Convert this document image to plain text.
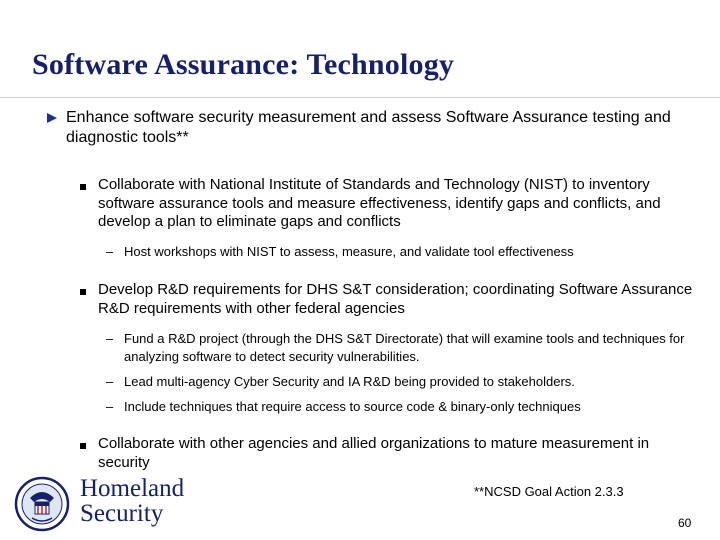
Software Assurance: Technology
Enhance software security measurement and assess Software Assurance testing and diagnostic tools**
Collaborate with National Institute of Standards and Technology (NIST) to inventory software assurance tools and measure effectiveness, identify gaps and conflicts, and develop a plan to eliminate gaps and conflicts
– Host workshops with NIST to assess, measure, and validate tool effectiveness
Develop R&D requirements for DHS S&T consideration; coordinating Software Assurance R&D requirements with other federal agencies
– Fund a R&D project (through the DHS S&T Directorate) that will examine tools and techniques for analyzing software to detect security vulnerabilities.
– Lead multi-agency Cyber Security and IA R&D being provided to stakeholders.
– Include techniques that require access to source code & binary-only techniques
Collaborate with other agencies and allied organizations to mature measurement in security
Homeland
Security
**NCSD Goal Action 2.3.3
60
